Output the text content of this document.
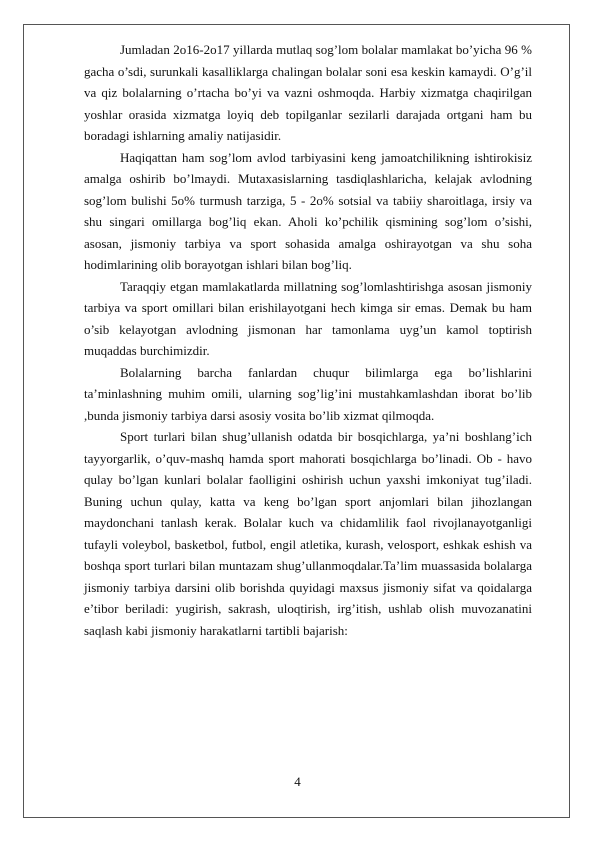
Jumladan 2o16-2o17 yillarda mutlaq sog’lom bolalar mamlakat bo’yicha 96 % gacha o’sdi, surunkali kasalliklarga chalingan bolalar soni esa keskin kamaydi. O’g’il va qiz bolalarning o’rtacha bo’yi va vazni oshmoqda. Harbiy xizmatga chaqirilgan yoshlar orasida xizmatga loyiq deb topilganlar sezilarli darajada ortgani ham bu boradagi ishlarning amaliy natijasidir.

Haqiqattan ham sog’lom avlod tarbiyasini keng jamoatchilikning ishtirokisiz amalga oshirib bo’lmaydi. Mutaxasislarning tasdiqlashlaricha, kelajak avlodning sog’lom bulishi 5o% turmush tarziga, 5 - 2o% sotsial va tabiiy sharoitlaga, irsiy va shu singari omillarga bog’liq ekan. Aholi ko’pchilik qismining sog’lom o’sishi, asosan, jismoniy tarbiya va sport sohasida amalga oshirayotgan va shu soha hodimlarining olib borayotgan ishlari bilan bog’liq.

Taraqqiy etgan mamlakatlarda millatning sog’lomlashtirishga asosan jismoniy tarbiya va sport omillari bilan erishilayotgani hech kimga sir emas. Demak bu ham o’sib kelayotgan avlodning jismonan har tamonlama uyg’un kamol toptirish muqaddas burchimizdir.

Bolalarning barcha fanlardan chuqur bilimlarga ega bo’lishlarini ta’minlashning muhim omili, ularning sog’lig’ini mustahkamlashdan iborat bo’lib ,bunda jismoniy tarbiya darsi asosiy vosita bo’lib xizmat qilmoqda.

Sport turlari bilan shug’ullanish odatda bir bosqichlarga, ya’ni boshlang’ich tayyorgarlik, o’quv-mashq hamda sport mahorati bosqichlarga bo’linadi. Ob - havo qulay bo’lgan kunlari bolalar faolligini oshirish uchun yaxshi imkoniyat tug’iladi. Buning uchun qulay, katta va keng bo’lgan sport anjomlari bilan jihozlangan maydonchani tanlash kerak. Bolalar kuch va chidamlilik faol rivojlanayotganligi tufayli voleybol, basketbol, futbol, engil atletika, kurash, velosport, eshkak eshish va boshqa sport turlari bilan muntazam shug’ullanmoqdalar.Ta’lim muassasida bolalarga jismoniy tarbiya darsini olib borishda quyidagi maxsus jismoniy sifat va qoidalarga e’tibor beriladi: yugirish, sakrash, uloqtirish, irg’itish, ushlab olish muvozanatini saqlash kabi jismoniy harakatlarni tartibli bajarish:

4
